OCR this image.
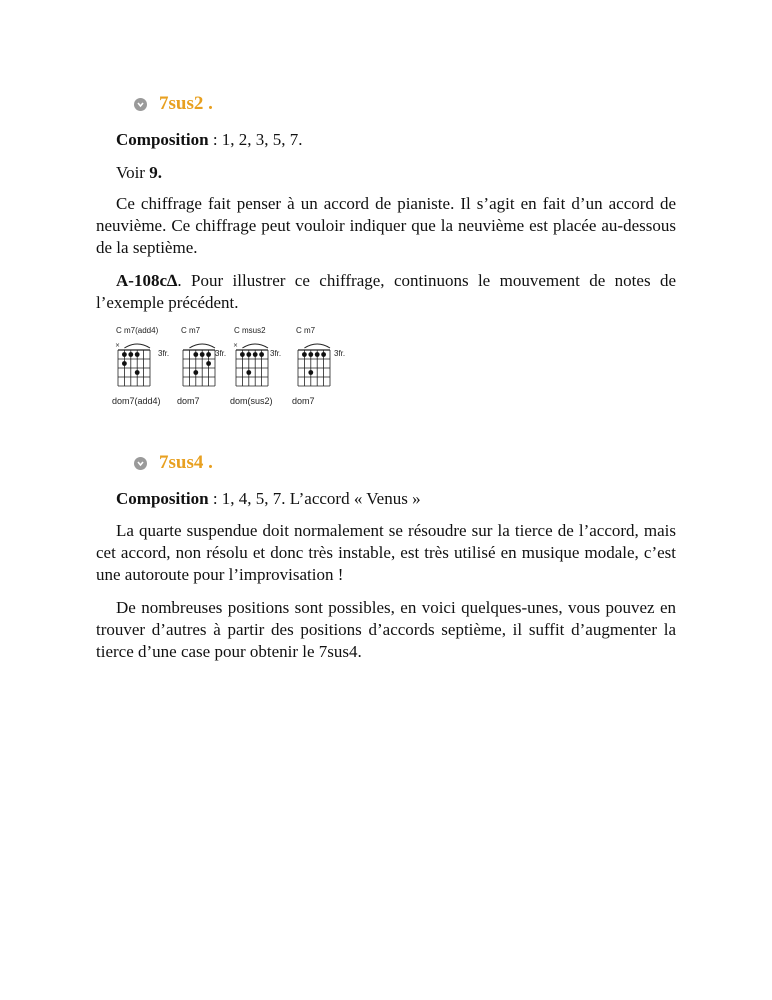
7sus2 .

Composition : 1, 2, 3, 5, 7.

Voir 9.

Ce chiffrage fait penser à un accord de pianiste. Il s’agit en fait d’un accord de neuvième. Ce chiffrage peut vouloir indiquer que la neuvième est placée au-dessous de la septième.

A-108c∆. Pour illustrer ce chiffrage, continuons le mouvement de notes de l’exemple précédent.

C m7(add4)
×
3fr.
dom7(add4)
C m7
3fr.
dom7
C msus2
×
3fr.
dom(sus2)
C m7
3fr.
dom7
7sus4 .

Composition : 1, 4, 5, 7. L’accord « Venus »

La quarte suspendue doit normalement se résoudre sur la tierce de l’accord, mais cet accord, non résolu et donc très instable, est très utilisé en musique modale, c’est une autoroute pour l’improvisation !

De nombreuses positions sont possibles, en voici quelques-unes, vous pouvez en trouver d’autres à partir des positions d’accords septième, il suffit d’augmenter la tierce d’une case pour obtenir le 7sus4.
